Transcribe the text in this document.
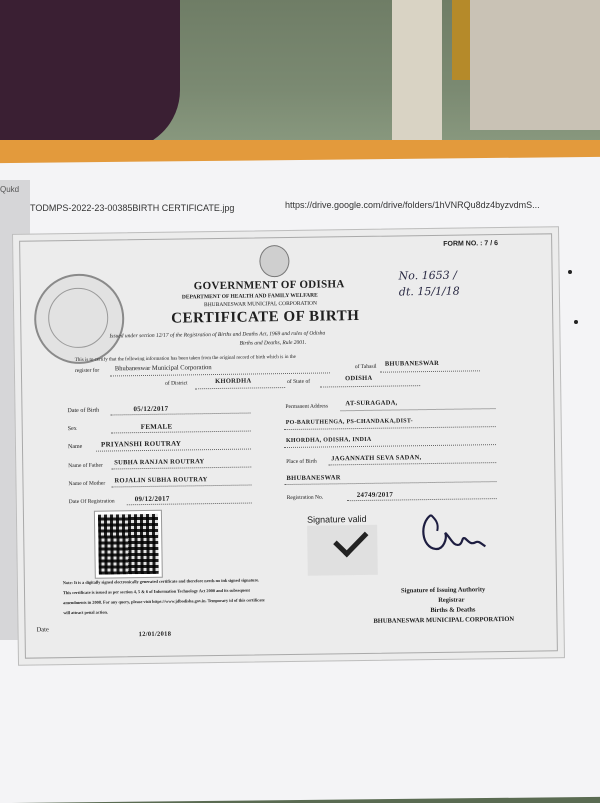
Qukd
TODMPS-2022-23-00385BIRTH CERTIFICATE.jpg	https://drive.google.com/drive/folders/1hVNRQu8dz4byzvdmS...
FORM NO. : 7 / 6
No. 1653 /
dt. 15/1/18
GOVERNMENT OF ODISHA
DEPARTMENT OF HEALTH AND FAMILY WELFARE
BHUBANESWAR MUNICIPAL CORPORATION
CERTIFICATE OF BIRTH
Issued under section 12/17 of the Registration of Births and Deaths Act, 1969 and rules of Odisha
Births and Deaths, Rule 2001.
This is to certify that the following information has been taken from the original record of birth which is in the
register for Bhubaneswar Municipal Corporation	of Tahasil BHUBANESWAR
of District	KHORDHA	of State of	ODISHA
Date of Birth	05/12/2017	Permanent Address	AT-SURAGADA,
Sex	FEMALE
PO-BARUTHENGA, PS-CHANDAKA,DIST-
Name	PRIYANSHI ROUTRAY	KHORDHA, ODISHA, INDIA
Name of Father SUBHA RANJAN ROUTRAY	Place of Birth JAGANNATH SEVA SADAN,
Name of Mother ROJALIN SUBHA ROUTRAY	BHUBANESWAR
Date Of Registration	09/12/2017	Registration No.	24749/2017
Signature valid
Note: It is a digitally signed electronically generated certificate and therefore needs no ink signed signature.
This certificate is issued as per section 4, 5 & 6 of Information Technology Act 2000 and its subsequent
amendments in 2008. For any query, please visit https://www.jdbodisha.gov.in. Temporary id of this certificate
will attract penal action.
Signature of Issuing Authority
Registrar
Births & Deaths
BHUBANESWAR MUNICIPAL CORPORATION
Date
12/01/2018
